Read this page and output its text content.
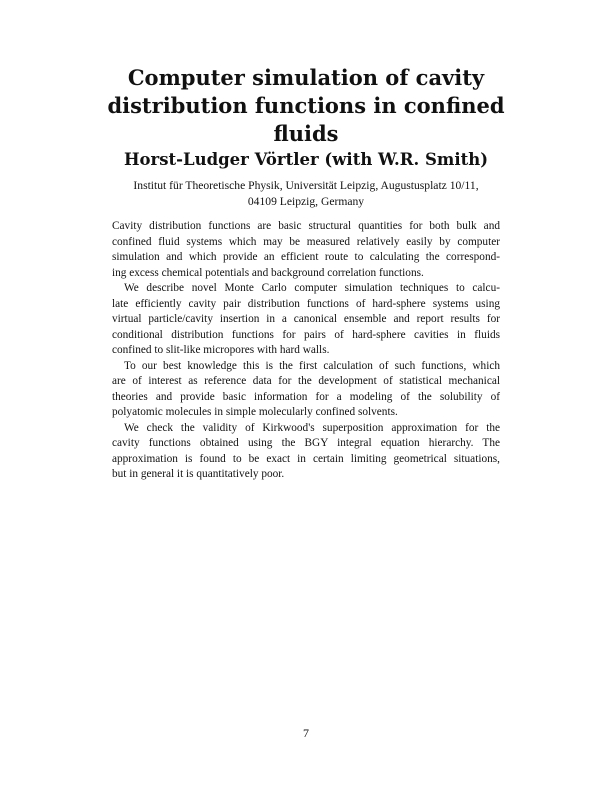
Computer simulation of cavity
distribution functions in confined
fluids
Horst-Ludger Vörtler (with W.R. Smith)
Institut für Theoretische Physik, Universität Leipzig, Augustusplatz 10/11,
04109 Leipzig, Germany

Cavity distribution functions are basic structural quantities for both bulk and
confined fluid systems which may be measured relatively easily by computer
simulation and which provide an efficient route to calculating the correspond-
ing excess chemical potentials and background correlation functions.

We describe novel Monte Carlo computer simulation techniques to calcu-
late efficiently cavity pair distribution functions of hard-sphere systems using
virtual particle/cavity insertion in a canonical ensemble and report results for
conditional distribution functions for pairs of hard-sphere cavities in fluids
confined to slit-like micropores with hard walls.

To our best knowledge this is the first calculation of such functions, which
are of interest as reference data for the development of statistical mechanical
theories and provide basic information for a modeling of the solubility of
polyatomic molecules in simple molecularly confined solvents.

We check the validity of Kirkwood's superposition approximation for the
cavity functions obtained using the BGY integral equation hierarchy. The
approximation is found to be exact in certain limiting geometrical situations,
but in general it is quantitatively poor.

7
